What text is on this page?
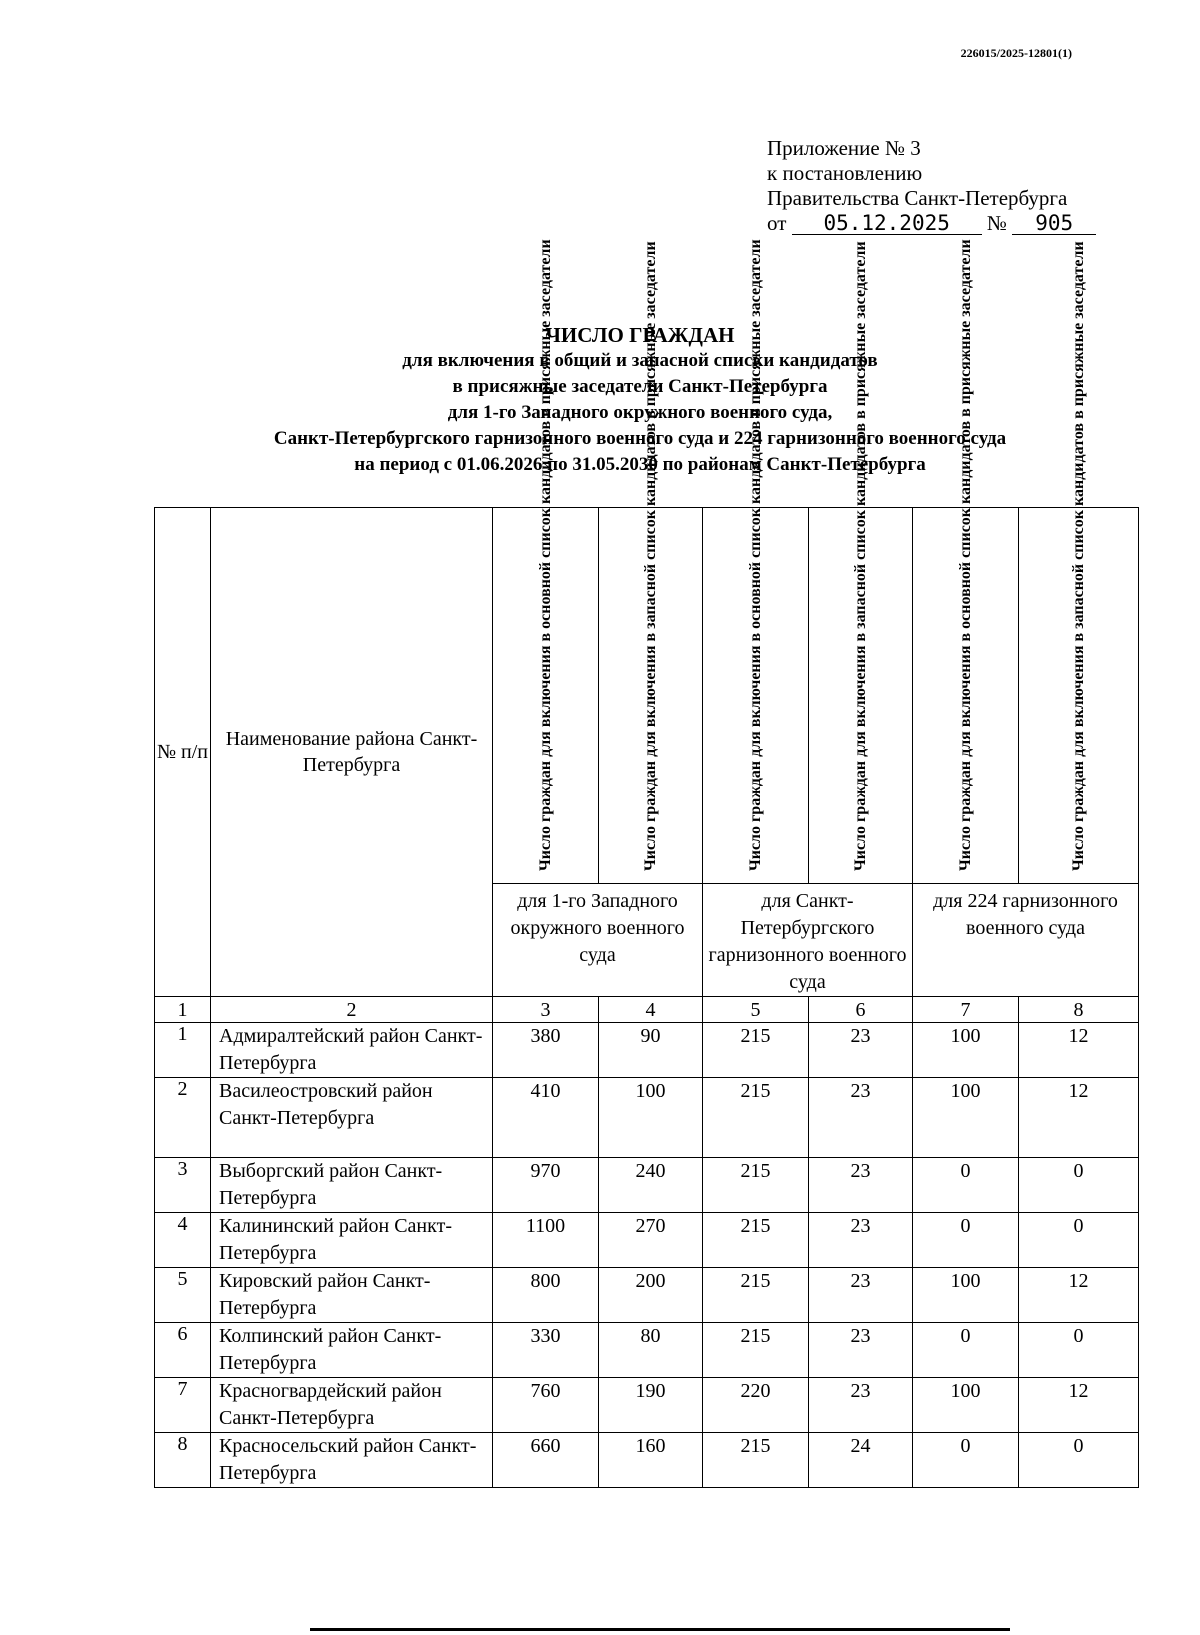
226015/2025-12801(1)
Приложение № 3
к постановлению
Правительства Санкт-Петербурга
от 05.12.2025 № 905
ЧИСЛО ГРАЖДАН
для включения в общий и запасной списки кандидатов
в присяжные заседатели Санкт-Петербурга
для 1-го Западного окружного военного суда,
Санкт-Петербургского гарнизонного военного суда и 224 гарнизонного военного суда
на период с 01.06.2026 по 31.05.2030 по районам Санкт-Петербурга
№ п/п	Наименование района Санкт-Петербурга	Число граждан для включения в основной список кандидатов в присяжные заседатели	Число граждан для включения в запасной список кандидатов в присяжные заседатели	Число граждан для включения в основной список кандидатов в присяжные заседатели	Число граждан для включения в запасной список кандидатов в присяжные заседатели	Число граждан для включения в основной список кандидатов в присяжные заседатели	Число граждан для включения в запасной список кандидатов в присяжные заседатели

		для 1-го Западного окружного военного суда		для Санкт-Петербургского гарнизонного военного суда		для 224 гарнизонного военного суда	
1	2	3	4	5	6	7	8
1	Адмиралтейский район Санкт-Петербурга	380	90	215	23	100	12
2	Василеостровский район Санкт-Петербурга	410	100	215	23	100	12
3	Выборгский район Санкт-Петербурга	970	240	215	23	0	0
4	Калининский район Санкт-Петербурга	1100	270	215	23	0	0
5	Кировский район Санкт-Петербурга	800	200	215	23	100	12
6	Колпинский район Санкт-Петербурга	330	80	215	23	0	0
7	Красногвардейский район Санкт-Петербурга	760	190	220	23	100	12
8	Красносельский район Санкт-Петербурга	660	160	215	24	0	0
